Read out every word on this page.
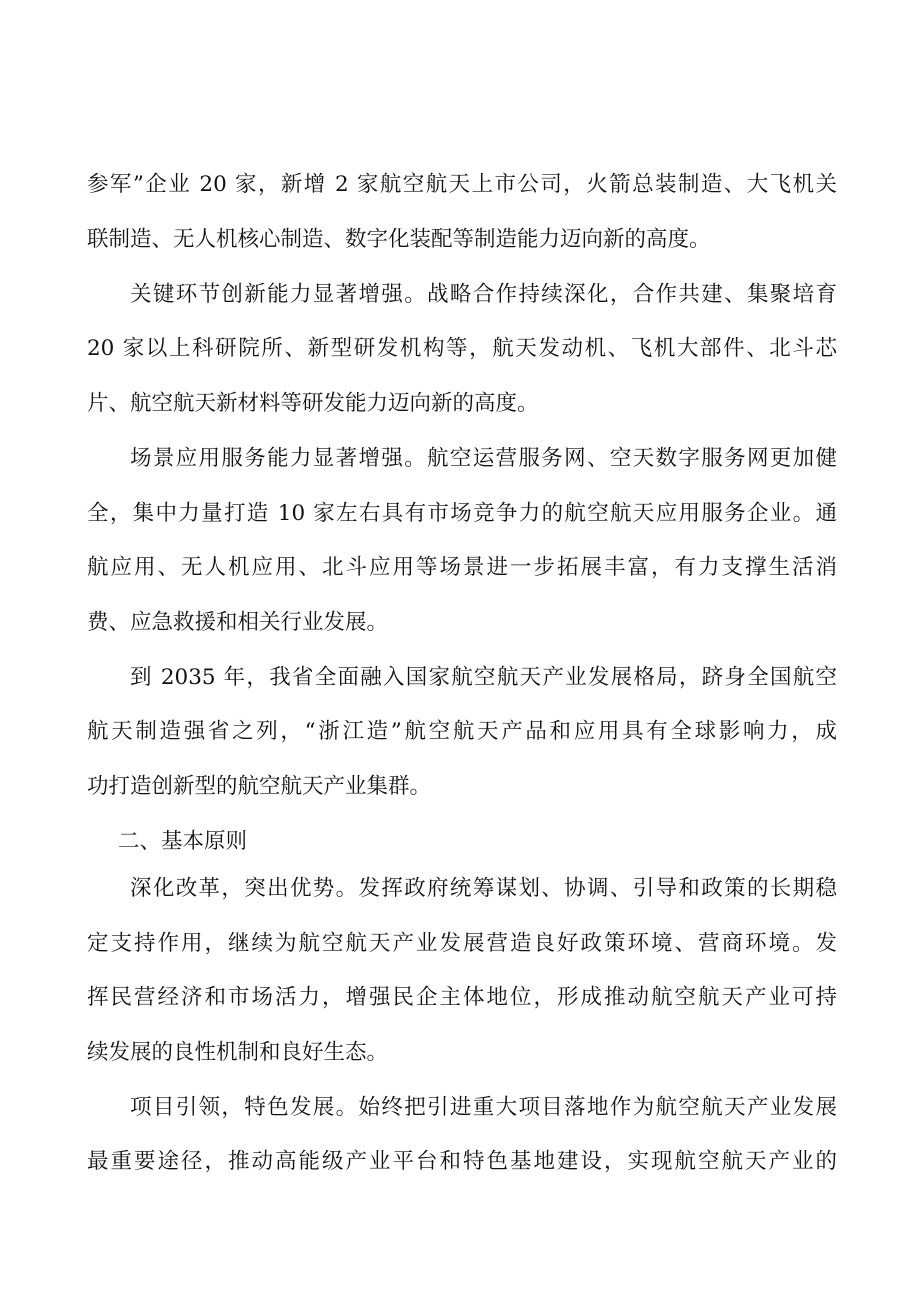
参军”企业 20 家，新增 2 家航空航天上市公司，火箭总装制造、大飞机关

联制造、无人机核心制造、数字化装配等制造能力迈向新的高度。

关键环节创新能力显著增强。战略合作持续深化，合作共建、集聚培育

20 家以上科研院所、新型研发机构等，航天发动机、飞机大部件、北斗芯

片、航空航天新材料等研发能力迈向新的高度。

场景应用服务能力显著增强。航空运营服务网、空天数字服务网更加健

全，集中力量打造 10 家左右具有市场竞争力的航空航天应用服务企业。通

航应用、无人机应用、北斗应用等场景进一步拓展丰富，有力支撑生活消

费、应急救援和相关行业发展。

到 2035 年，我省全面融入国家航空航天产业发展格局，跻身全国航空

航天制造强省之列，“浙江造”航空航天产品和应用具有全球影响力，成

功打造创新型的航空航天产业集群。

二、基本原则

深化改革，突出优势。发挥政府统筹谋划、协调、引导和政策的长期稳

定支持作用，继续为航空航天产业发展营造良好政策环境、营商环境。发

挥民营经济和市场活力，增强民企主体地位，形成推动航空航天产业可持

续发展的良性机制和良好生态。

项目引领，特色发展。始终把引进重大项目落地作为航空航天产业发展

最重要途径，推动高能级产业平台和特色基地建设，实现航空航天产业的
